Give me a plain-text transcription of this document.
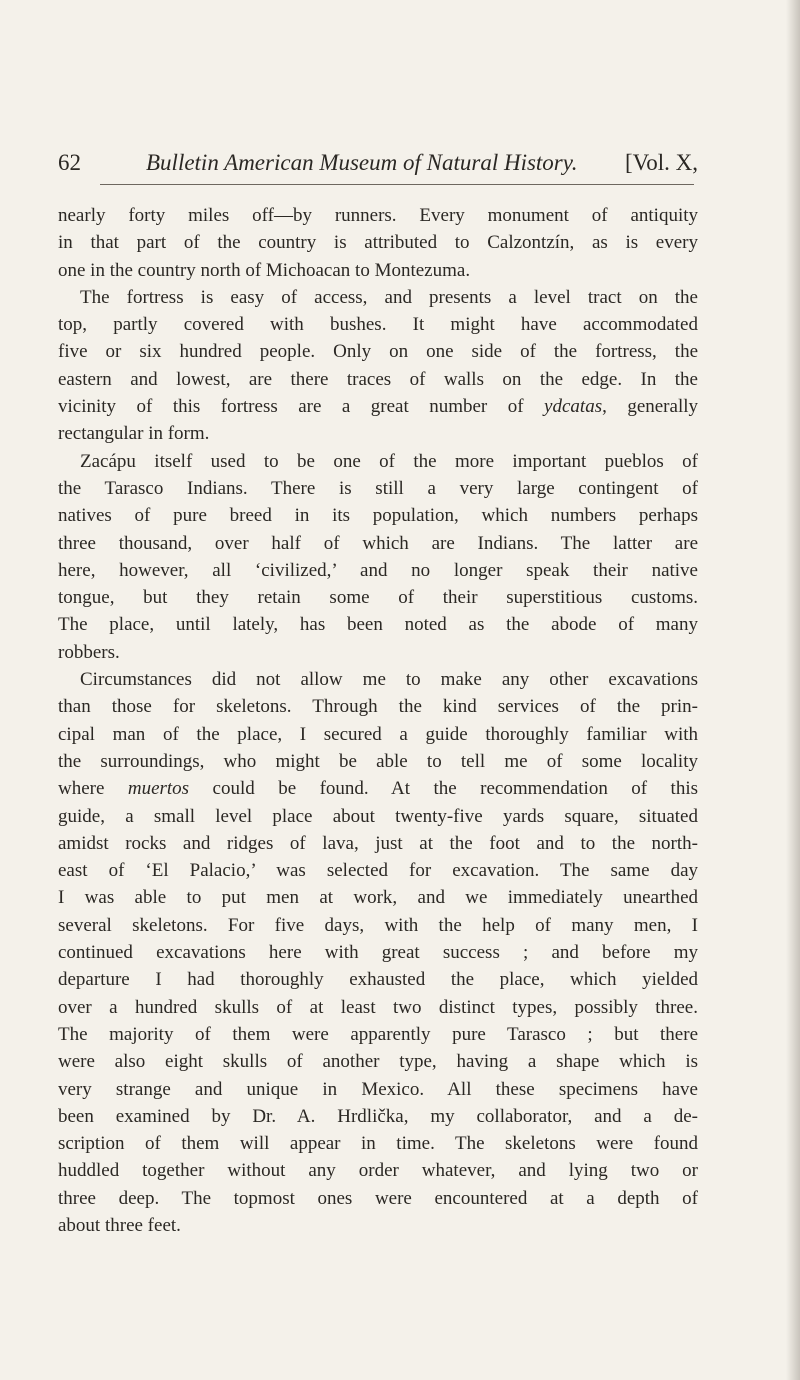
62	Bulletin American Museum of Natural History. [Vol. X,
nearly forty miles off—by runners. Every monument of antiquity
in that part of the country is attributed to Calzontzín, as is every
one in the country north of Michoacan to Montezuma.
The fortress is easy of access, and presents a level tract on the
top, partly covered with bushes. It might have accommodated
five or six hundred people. Only on one side of the fortress, the
eastern and lowest, are there traces of walls on the edge. In the
vicinity of this fortress are a great number of ydcatas, generally
rectangular in form.
Zacápu itself used to be one of the more important pueblos of
the Tarasco Indians. There is still a very large contingent of
natives of pure breed in its population, which numbers perhaps
three thousand, over half of which are Indians. The latter are
here, however, all ‘civilized,’ and no longer speak their native
tongue, but they retain some of their superstitious customs.
The place, until lately, has been noted as the abode of many
robbers.
Circumstances did not allow me to make any other excavations
than those for skeletons. Through the kind services of the prin-
cipal man of the place, I secured a guide thoroughly familiar with
the surroundings, who might be able to tell me of some locality
where muertos could be found. At the recommendation of this
guide, a small level place about twenty-five yards square, situated
amidst rocks and ridges of lava, just at the foot and to the north-
east of ‘El Palacio,’ was selected for excavation. The same day
I was able to put men at work, and we immediately unearthed
several skeletons. For five days, with the help of many men, I
continued excavations here with great success ; and before my
departure I had thoroughly exhausted the place, which yielded
over a hundred skulls of at least two distinct types, possibly three.
The majority of them were apparently pure Tarasco ; but there
were also eight skulls of another type, having a shape which is
very strange and unique in Mexico. All these specimens have
been examined by Dr. A. Hrdlička, my collaborator, and a de-
scription of them will appear in time. The skeletons were found
huddled together without any order whatever, and lying two or
three deep. The topmost ones were encountered at a depth of
about three feet.
